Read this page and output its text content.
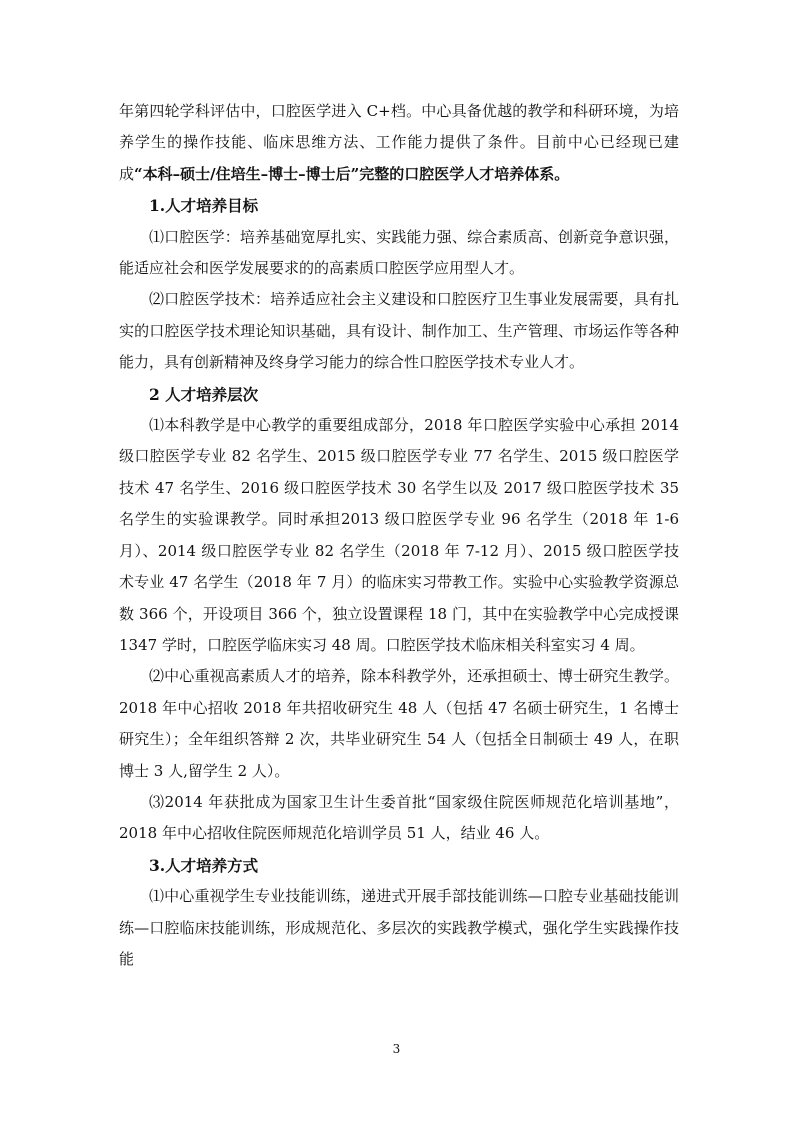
年第四轮学科评估中，口腔医学进入 C+档。中心具备优越的教学和科研环境，为培养学生的操作技能、临床思维方法、工作能力提供了条件。目前中心已经现已建成“本科–硕士/住培生–博士–博士后”完整的口腔医学人才培养体系。

1.人才培养目标

⑴口腔医学：培养基础宽厚扎实、实践能力强、综合素质高、创新竞争意识强，能适应社会和医学发展要求的的高素质口腔医学应用型人才。

⑵口腔医学技术：培养适应社会主义建设和口腔医疗卫生事业发展需要，具有扎实的口腔医学技术理论知识基础，具有设计、制作加工、生产管理、市场运作等各种能力，具有创新精神及终身学习能力的综合性口腔医学技术专业人才。

2 人才培养层次

⑴本科教学是中心教学的重要组成部分，2018 年口腔医学实验中心承担 2014 级口腔医学专业 82 名学生、2015 级口腔医学专业 77 名学生、2015 级口腔医学技术 47 名学生、2016 级口腔医学技术 30 名学生以及 2017 级口腔医学技术 35 名学生的实验课教学。同时承担2013 级口腔医学专业 96 名学生（2018 年 1-6 月）、2014 级口腔医学专业 82 名学生（2018 年 7-12 月）、2015 级口腔医学技术专业 47 名学生（2018 年 7 月）的临床实习带教工作。实验中心实验教学资源总数 366 个，开设项目 366 个，独立设置课程 18 门，其中在实验教学中心完成授课 1347 学时，口腔医学临床实习 48 周。口腔医学技术临床相关科室实习 4 周。

⑵中心重视高素质人才的培养，除本科教学外，还承担硕士、博士研究生教学。2018 年中心招收 2018 年共招收研究生 48 人（包括 47 名硕士研究生，1 名博士研究生）；全年组织答辩 2 次，共毕业研究生 54 人（包括全日制硕士 49 人，在职博士 3 人,留学生 2 人）。

⑶2014 年获批成为国家卫生计生委首批“国家级住院医师规范化培训基地”，2018 年中心招收住院医师规范化培训学员 51 人，结业 46 人。

3.人才培养方式

⑴中心重视学生专业技能训练，递进式开展手部技能训练—口腔专业基础技能训练—口腔临床技能训练，形成规范化、多层次的实践教学模式，强化学生实践操作技能

3
